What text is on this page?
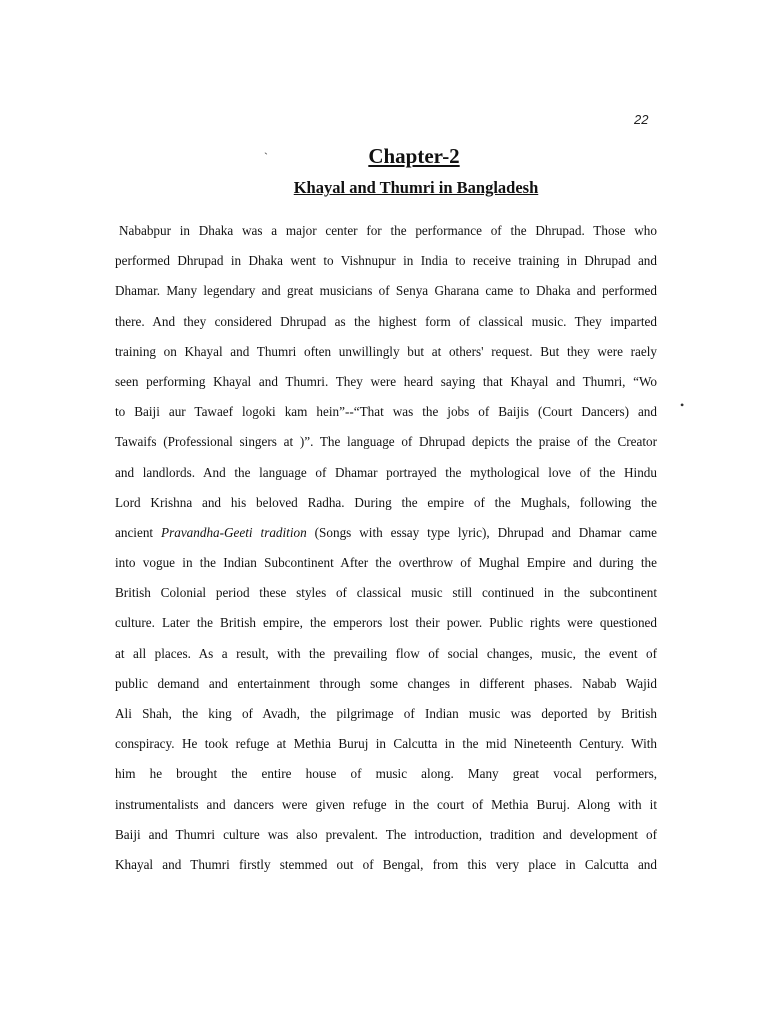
22
Chapter-2
Khayal and Thumri in Bangladesh
ˋ
•
Nababpur in Dhaka was a major center for the performance of the Dhrupad. Those who
performed Dhrupad in Dhaka went to Vishnupur in India to receive training in Dhrupad and
Dhamar. Many legendary and great musicians of Senya Gharana came to Dhaka and performed
there. And they considered Dhrupad as the highest form of classical music. They imparted
training on Khayal and Thumri often unwillingly but at others' request. But they were raely
seen performing Khayal and Thumri. They were heard saying that Khayal and Thumri, “Wo
to Baiji aur Tawaef logoki kam hein”--“That was the jobs of Baijis (Court Dancers) and
Tawaifs (Professional singers at )”. The language of Dhrupad depicts the praise of the Creator
and landlords. And the language of Dhamar portrayed the mythological love of the Hindu
Lord Krishna and his beloved Radha. During the empire of the Mughals, following the
ancient Pravandha-Geeti tradition (Songs with essay type lyric), Dhrupad and Dhamar came
into vogue in the Indian Subcontinent After the overthrow of Mughal Empire and during the
British Colonial period these styles of classical music still continued in the subcontinent
culture. Later the British empire, the emperors lost their power. Public rights were questioned
at all places. As a result, with the prevailing flow of social changes, music, the event of
public demand and entertainment through some changes in different phases. Nabab Wajid
Ali Shah, the king of Avadh, the pilgrimage of Indian music was deported by British
conspiracy. He took refuge at Methia Buruj in Calcutta in the mid Nineteenth Century. With
him he brought the entire house of music along. Many great vocal performers,
instrumentalists and dancers were given refuge in the court of Methia Buruj. Along with it
Baiji and Thumri culture was also prevalent. The introduction, tradition and development of
Khayal and Thumri firstly stemmed out of Bengal, from this very place in Calcutta and
